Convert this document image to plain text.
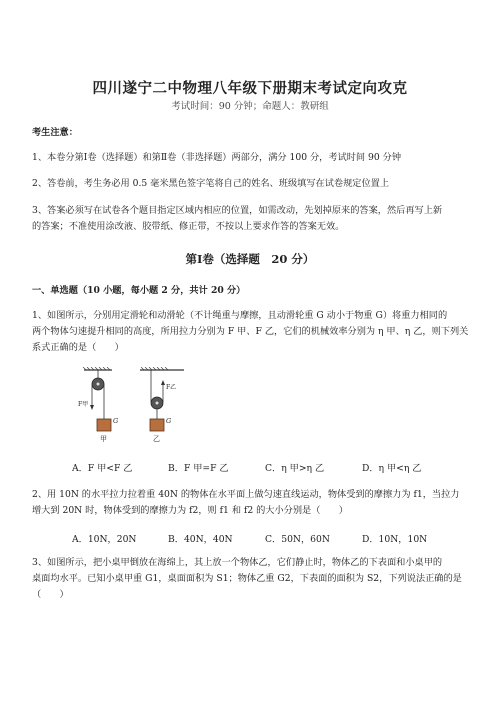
四川遂宁二中物理八年级下册期末考试定向攻克
考试时间：90 分钟；命题人：教研组
考生注意：
1、本卷分第Ⅰ卷（选择题）和第Ⅱ卷（非选择题）两部分，满分 100 分，考试时间 90 分钟
2、答卷前，考生务必用 0.5 毫米黑色签字笔将自己的姓名、班级填写在试卷规定位置上
3、答案必须写在试卷各个题目指定区域内相应的位置，如需改动，先划掉原来的答案，然后再写上新
的答案；不准使用涂改液、胶带纸、修正带，不按以上要求作答的答案无效。
第Ⅰ卷（选择题　20 分）
一、单选题（10 小题，每小题 2 分，共计 20 分）
1、如图所示，分别用定滑轮和动滑轮（不计绳重与摩擦，且动滑轮重 G 动小于物重 G）将重力相同的
两个物体匀速提升相同的高度，所用拉力分别为 F 甲、F 乙，它们的机械效率分别为 η 甲、η 乙，则下列关
系式正确的是（　　）
F甲
G
甲
F乙
G
乙
A．F 甲<F 乙	B．F 甲=F 乙	C．η 甲>η 乙	D．η 甲<η 乙
2、用 10N 的水平拉力拉着重 40N 的物体在水平面上做匀速直线运动，物体受到的摩擦力为 f1，当拉力
增大到 20N 时，物体受到的摩擦力为 f2，则 f1 和 f2 的大小分别是（　　）
A．10N，20N	B．40N，40N	C．50N，60N	D．10N，10N
3、如图所示，把小桌甲倒放在海绵上，其上放一个物体乙，它们静止时，物体乙的下表面和小桌甲的
桌面均水平。已知小桌甲重 G1，桌面面积为 S1；物体乙重 G2，下表面的面积为 S2，下列说法正确的是
（　　）
